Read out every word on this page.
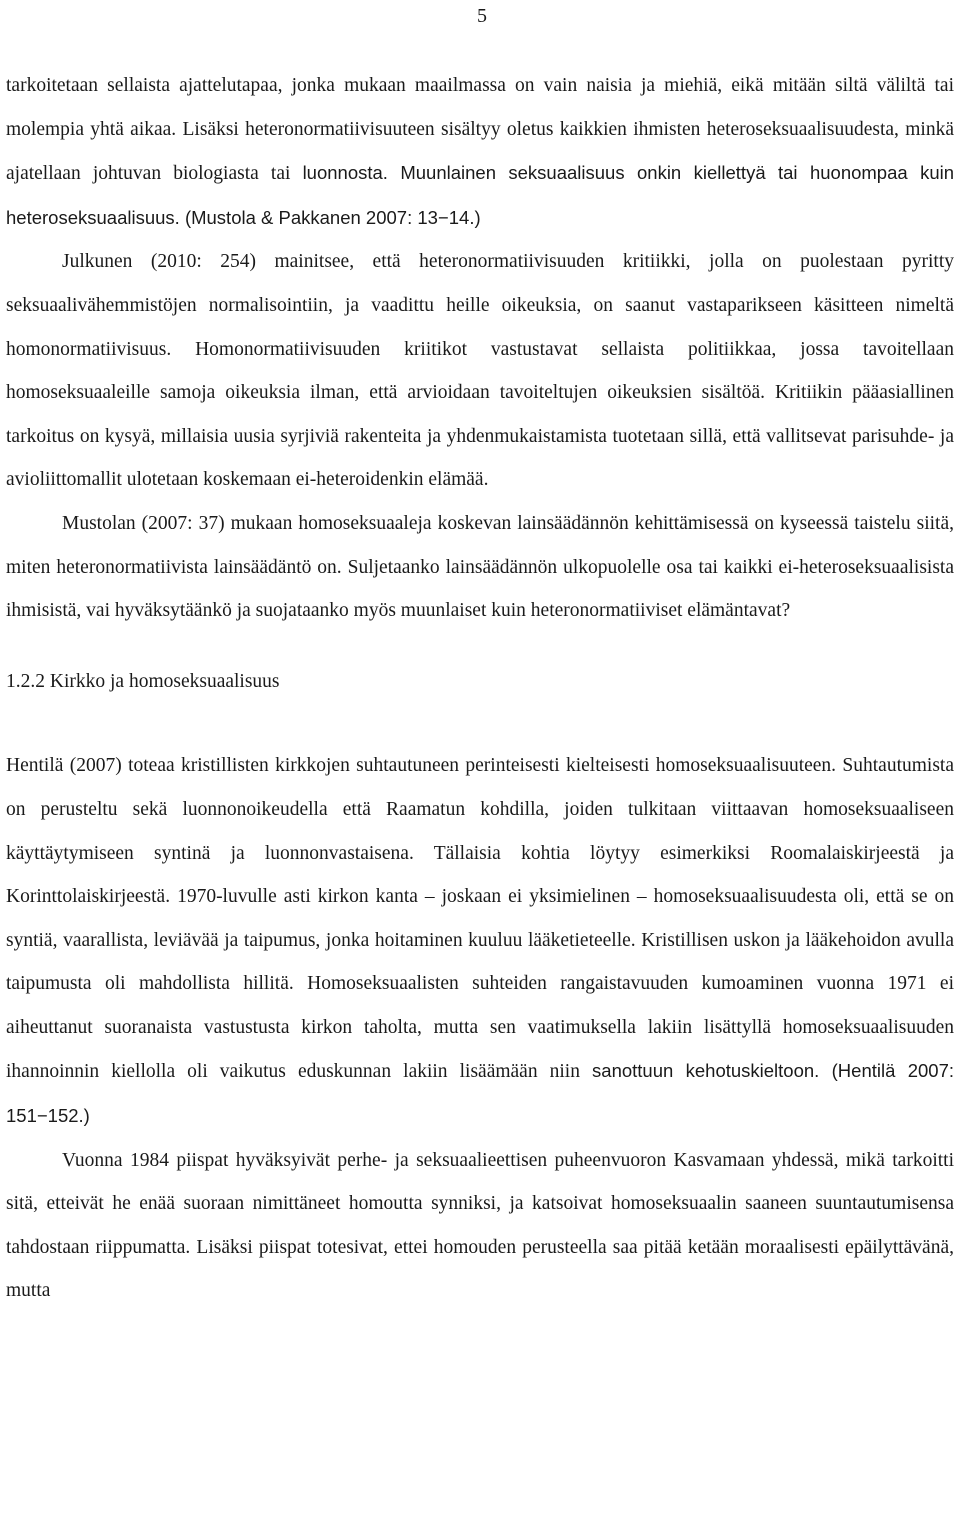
5

tarkoitetaan sellaista ajattelutapaa, jonka mukaan maailmassa on vain naisia ja miehiä, eikä mitään siltä väliltä tai molempia yhtä aikaa. Lisäksi heteronormatiivisuuteen sisältyy oletus kaikkien ihmisten heteroseksuaalisuudesta, minkä ajatellaan johtuvan biologiasta tai luonnosta. Muunlainen seksuaalisuus onkin kiellettyä tai huonompaa kuin heteroseksuaalisuus. (Mustola & Pakkanen 2007: 13−14.)

Julkunen (2010: 254) mainitsee, että heteronormatiivisuuden kritiikki, jolla on puolestaan pyritty seksuaalivähemmistöjen normalisointiin, ja vaadittu heille oikeuksia, on saanut vastaparikseen käsitteen nimeltä homonormatiivisuus. Homonormatiivisuuden kriitikot vastustavat sellaista politiikkaa, jossa tavoitellaan homoseksuaaleille samoja oikeuksia ilman, että arvioidaan tavoiteltujen oikeuksien sisältöä. Kritiikin pääasiallinen tarkoitus on kysyä, millaisia uusia syrjiviä rakenteita ja yhdenmukaistamista tuotetaan sillä, että vallitsevat parisuhde- ja avioliittomallit ulotetaan koskemaan ei-heteroidenkin elämää.

Mustolan (2007: 37) mukaan homoseksuaaleja koskevan lainsäädännön kehittämisessä on kyseessä taistelu siitä, miten heteronormatiivista lainsäädäntö on. Suljetaanko lainsäädännön ulkopuolelle osa tai kaikki ei-heteroseksuaalisista ihmisistä, vai hyväksytäänkö ja suojataanko myös muunlaiset kuin heteronormatiiviset elämäntavat?

1.2.2 Kirkko ja homoseksuaalisuus

Hentilä (2007) toteaa kristillisten kirkkojen suhtautuneen perinteisesti kielteisesti homoseksuaalisuuteen. Suhtautumista on perusteltu sekä luonnonoikeudella että Raamatun kohdilla, joiden tulkitaan viittaavan homoseksuaaliseen käyttäytymiseen syntinä ja luonnonvastaisena. Tällaisia kohtia löytyy esimerkiksi Roomalaiskirjeestä ja Korinttolaiskirjeestä. 1970-luvulle asti kirkon kanta – joskaan ei yksimielinen – homoseksuaalisuudesta oli, että se on syntiä, vaarallista, leviävää ja taipumus, jonka hoitaminen kuuluu lääketieteelle. Kristillisen uskon ja lääkehoidon avulla taipumusta oli mahdollista hillitä. Homoseksuaalisten suhteiden rangaistavuuden kumoaminen vuonna 1971 ei aiheuttanut suoranaista vastustusta kirkon taholta, mutta sen vaatimuksella lakiin lisättyllä homoseksuaalisuuden ihannoinnin kiellolla oli vaikutus eduskunnan lakiin lisäämään niin sanottuun kehotuskieltoon. (Hentilä 2007: 151−152.)

Vuonna 1984 piispat hyväksyivät perhe- ja seksuaalieettisen puheenvuoron Kasvamaan yhdessä, mikä tarkoitti sitä, etteivät he enää suoraan nimittäneet homoutta synniksi, ja katsoivat homoseksuaalin saaneen suuntautumisensa tahdostaan riippumatta. Lisäksi piispat totesivat, ettei homouden perusteella saa pitää ketään moraalisesti epäilyttävänä, mutta
